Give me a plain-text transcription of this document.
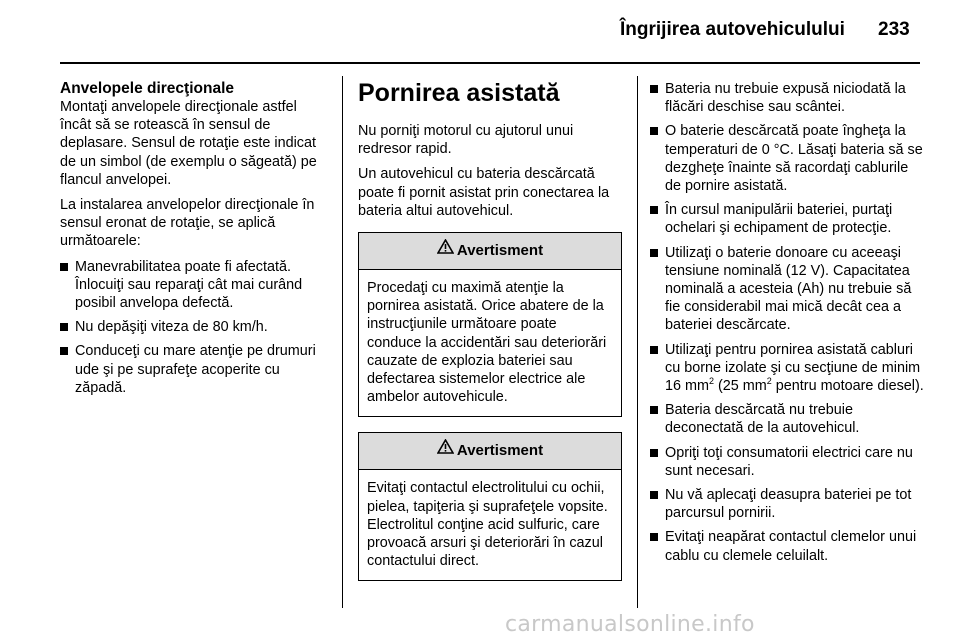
Îngrijirea autovehiculului	233
Anvelopele direcţionale

Montaţi anvelopele direcţionale astfel încât să se rotească în sensul de deplasare. Sensul de rotaţie este indicat de un simbol (de exemplu o săgeată) pe flancul anvelopei.

La instalarea anvelopelor direcţionale în sensul eronat de rotaţie, se aplică următoarele:

Manevrabilitatea poate fi afectată. Înlocuiţi sau reparaţi cât mai curând posibil anvelopa defectă.
Nu depăşiţi viteza de 80 km/h.
Conduceţi cu mare atenţie pe drumuri ude şi pe suprafeţe acoperite cu zăpadă.
Pornirea asistată

Nu porniţi motorul cu ajutorul unui redresor rapid.

Un autovehicul cu bateria descărcată poate fi pornit asistat prin conectarea la bateria altui autovehicul.

Avertisment
Procedaţi cu maximă atenţie la pornirea asistată. Orice abatere de la instrucţiunile următoare poate conduce la accidentări sau deteriorări cauzate de explozia bateriei sau defectarea sistemelor electrice ale ambelor autovehicule.
Avertisment
Evitaţi contactul electrolitului cu ochii, pielea, tapiţeria şi suprafeţele vopsite. Electrolitul conţine acid sulfuric, care provoacă arsuri şi deteriorări în cazul contactului direct.
Bateria nu trebuie expusă niciodată la flăcări deschise sau scântei.
O baterie descărcată poate îngheţa la temperaturi de 0 °C. Lăsaţi bateria să se dezgheţe înainte să racordaţi cablurile de pornire asistată.
În cursul manipulării bateriei, purtaţi ochelari şi echipament de protecţie.
Utilizaţi o baterie donoare cu aceeaşi tensiune nominală (12 V). Capacitatea nominală a acesteia (Ah) nu trebuie să fie considerabil mai mică decât cea a bateriei descărcate.
Utilizaţi pentru pornirea asistată cabluri cu borne izolate şi cu secţiune de minim 16 $mm^2$ (25 $mm^2$ pentru motoare diesel).
Bateria descărcată nu trebuie deconectată de la autovehicul.
Opriţi toţi consumatorii electrici care nu sunt necesari.
Nu vă aplecaţi deasupra bateriei pe tot parcursul pornirii.
Evitaţi neapărat contactul clemelor unui cablu cu clemele celuilalt.
carmanualsonline.info
